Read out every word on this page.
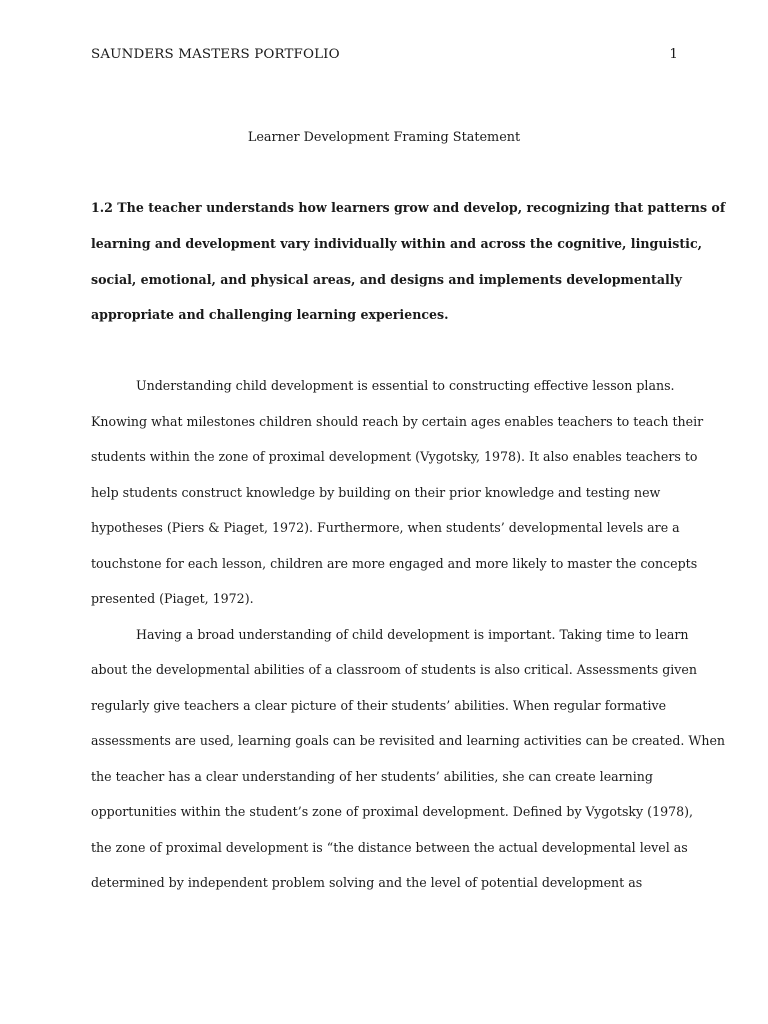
SAUNDERS MASTERS PORTFOLIO	1
Learner Development Framing Statement
1.2 The teacher understands how learners grow and develop, recognizing that patterns of
learning and development vary individually within and across the cognitive, linguistic,
social, emotional, and physical areas, and designs and implements developmentally
appropriate and challenging learning experiences.
Understanding child development is essential to constructing effective lesson plans.
Knowing what milestones children should reach by certain ages enables teachers to teach their
students within the zone of proximal development (Vygotsky, 1978). It also enables teachers to
help students construct knowledge by building on their prior knowledge and testing new
hypotheses (Piers & Piaget, 1972). Furthermore, when students’ developmental levels are a
touchstone for each lesson, children are more engaged and more likely to master the concepts
presented (Piaget, 1972).
Having a broad understanding of child development is important. Taking time to learn
about the developmental abilities of a classroom of students is also critical. Assessments given
regularly give teachers a clear picture of their students’ abilities. When regular formative
assessments are used, learning goals can be revisited and learning activities can be created. When
the teacher has a clear understanding of her students’ abilities, she can create learning
opportunities within the student’s zone of proximal development. Defined by Vygotsky (1978),
the zone of proximal development is “the distance between the actual developmental level as
determined by independent problem solving and the level of potential development as
